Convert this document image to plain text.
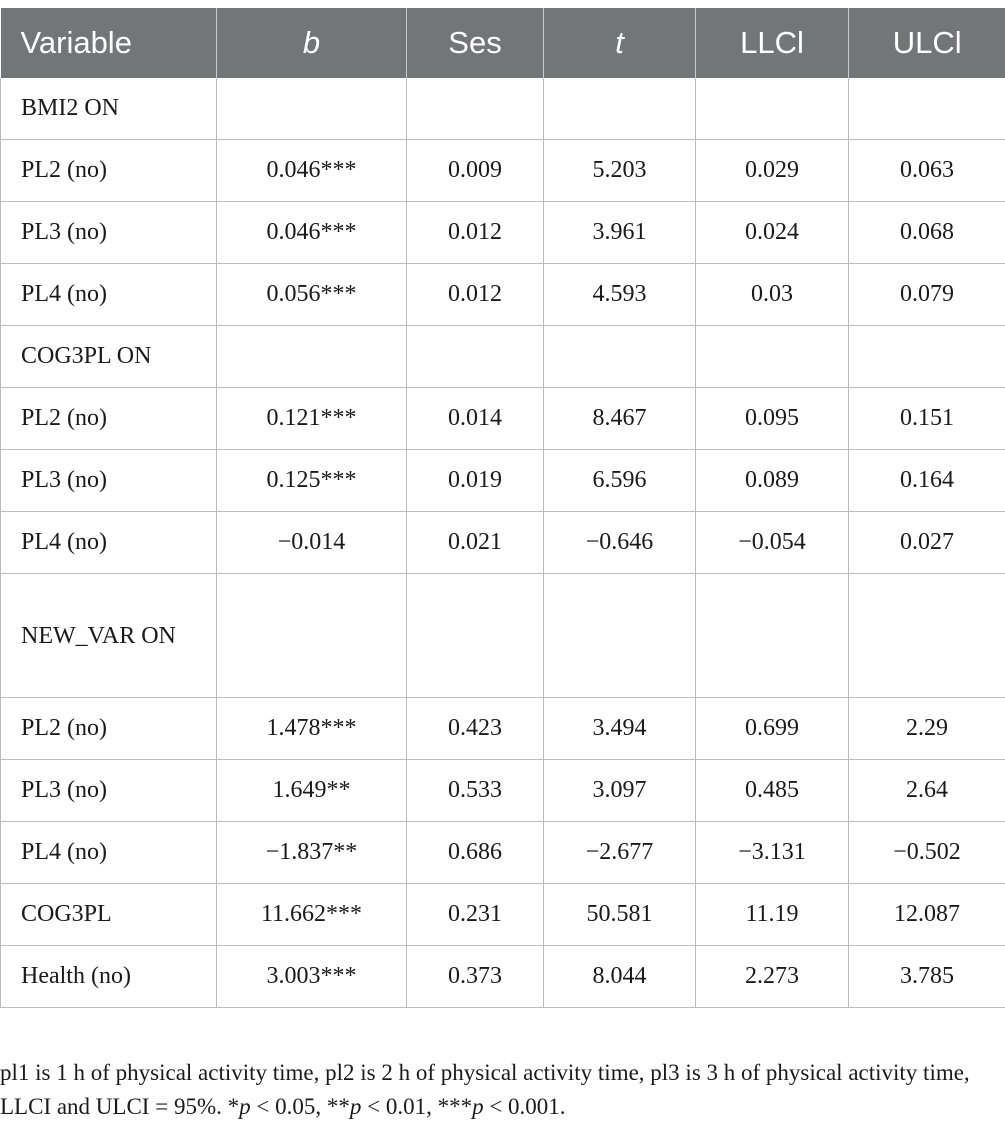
Variable	b	Ses	t	LLCl	ULCl
BMI2 ON					
PL2 (no)	0.046***	0.009	5.203	0.029	0.063
PL3 (no)	0.046***	0.012	3.961	0.024	0.068
PL4 (no)	0.056***	0.012	4.593	0.03	0.079
COG3PL ON					
PL2 (no)	0.121***	0.014	8.467	0.095	0.151
PL3 (no)	0.125***	0.019	6.596	0.089	0.164
PL4 (no)	−0.014	0.021	−0.646	−0.054	0.027
NEW_VAR ON					
PL2 (no)	1.478***	0.423	3.494	0.699	2.29
PL3 (no)	1.649**	0.533	3.097	0.485	2.64
PL4 (no)	−1.837**	0.686	−2.677	−3.131	−0.502
COG3PL	11.662***	0.231	50.581	11.19	12.087
Health (no)	3.003***	0.373	8.044	2.273	3.785

pl1 is 1 h of physical activity time, pl2 is 2 h of physical activity time, pl3 is 3 h of physical activity time, LLCI and ULCI = 95%. *p < 0.05, **p < 0.01, ***p < 0.001.
